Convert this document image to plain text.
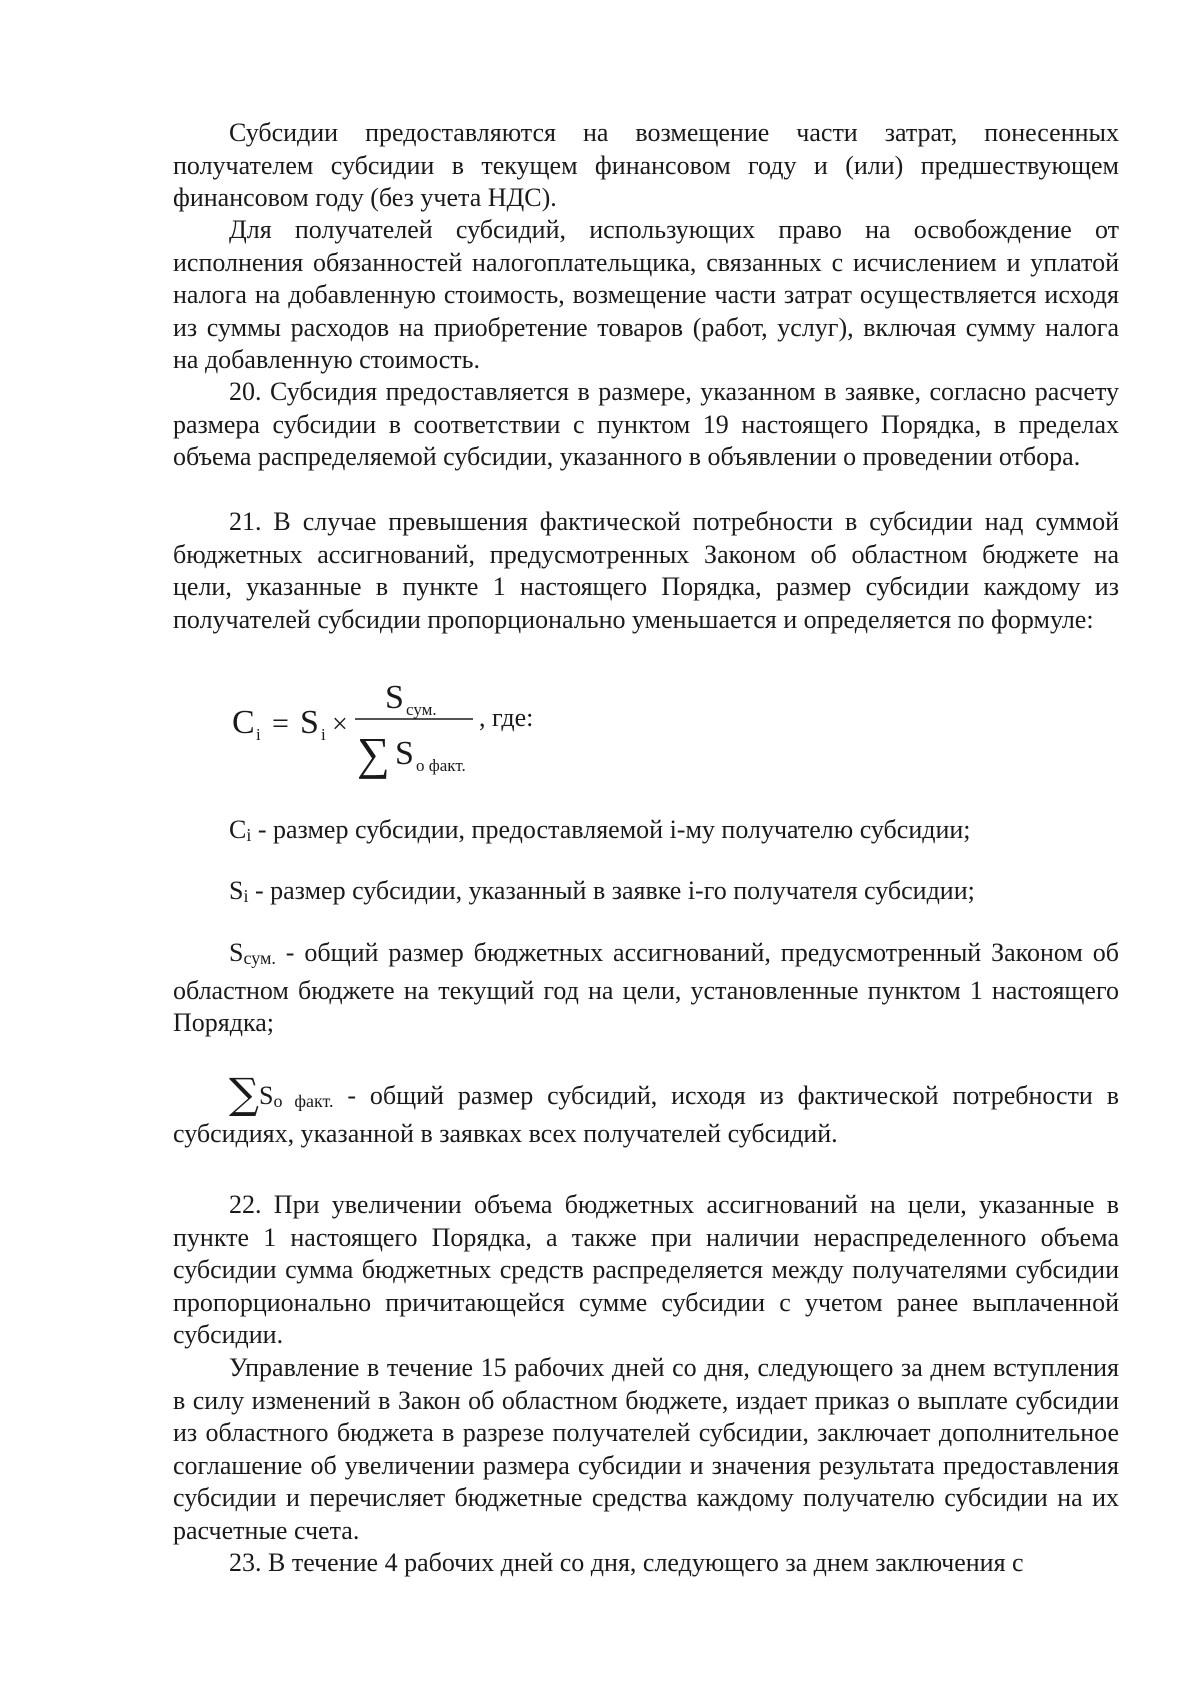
Субсидии предоставляются на возмещение части затрат, понесенных получателем субсидии в текущем финансовом году и (или) предшествующем финансовом году (без учета НДС).

Для получателей субсидий, использующих право на освобождение от исполнения обязанностей налогоплательщика, связанных с исчислением и уплатой налога на добавленную стоимость, возмещение части затрат осуществляется исходя из суммы расходов на приобретение товаров (работ, услуг), включая сумму налога на добавленную стоимость.

20. Субсидия предоставляется в размере, указанном в заявке, согласно расчету размера субсидии в соответствии с пунктом 19 настоящего Порядка, в пределах объема распределяемой субсидии, указанного в объявлении о проведении отбора.

21. В случае превышения фактической потребности в субсидии над суммой бюджетных ассигнований, предусмотренных Законом об областном бюджете на цели, указанные в пункте 1 настоящего Порядка, размер субсидии каждому из получателей субсидии пропорционально уменьшается и определяется по формуле:

C i = S i ×
S сум.
∑ S о факт.
, где:

Ci - размер субсидии, предоставляемой i-му получателю субсидии;

Si - размер субсидии, указанный в заявке i-го получателя субсидии;

Sсум. - общий размер бюджетных ассигнований, предусмотренный Законом об областном бюджете на текущий год на цели, установленные пунктом 1 настоящего Порядка;

∑Sо факт. - общий размер субсидий, исходя из фактической потребности в субсидиях, указанной в заявках всех получателей субсидий.

22. При увеличении объема бюджетных ассигнований на цели, указанные в пункте 1 настоящего Порядка, а также при наличии нераспределенного объема субсидии сумма бюджетных средств распределяется между получателями субсидии пропорционально причитающейся сумме субсидии с учетом ранее выплаченной субсидии.

Управление в течение 15 рабочих дней со дня, следующего за днем вступления в силу изменений в Закон об областном бюджете, издает приказ о выплате субсидии из областного бюджета в разрезе получателей субсидии, заключает дополнительное соглашение об увеличении размера субсидии и значения результата предоставления субсидии и перечисляет бюджетные средства каждому получателю субсидии на их расчетные счета.

23. В течение 4 рабочих дней со дня, следующего за днем заключения с
